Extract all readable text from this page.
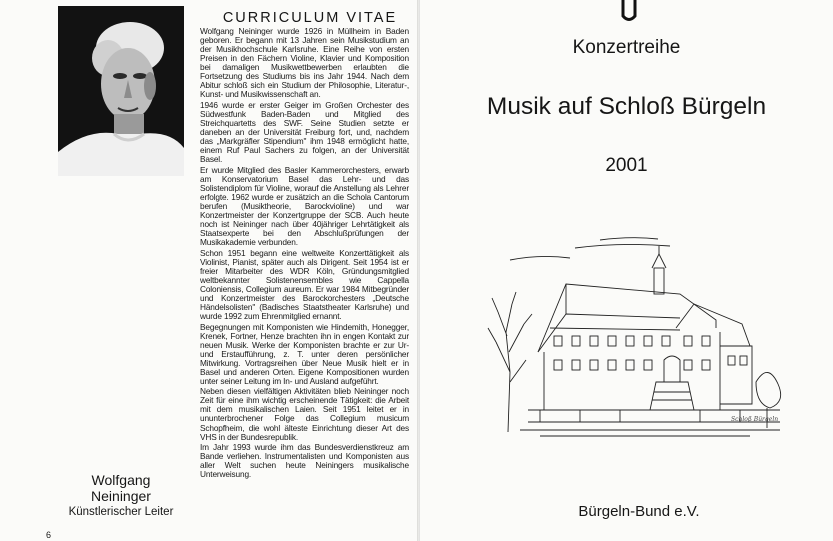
Wolfgang
Neininger
Künstlerischer Leiter
6
CURRICULUM VITAE

Wolfgang Neininger wurde 1926 in Müllheim in Baden geboren. Er begann mit 13 Jahren sein Musikstudium an der Musikhochschule Karlsruhe. Eine Reihe von ersten Preisen in den Fächern Violine, Klavier und Komposition bei damaligen Musikwettbewerben erlaubten die Fortsetzung des Studiums bis ins Jahr 1944. Nach dem Abitur schloß sich ein Studium der Philosophie, Literatur-, Kunst- und Musikwissenschaft an.

1946 wurde er erster Geiger im Großen Orchester des Südwestfunk Baden-Baden und Mitglied des Streichquartetts des SWF. Seine Studien setzte er daneben an der Universität Freiburg fort, und, nachdem das „Markgräfler Stipendium" ihm 1948 ermöglicht hatte, einem Ruf Paul Sachers zu folgen, an der Universität Basel.

Er wurde Mitglied des Basler Kammerorchesters, erwarb am Konservatorium Basel das Lehr- und das Solistendiplom für Violine, worauf die Anstellung als Lehrer erfolgte. 1962 wurde er zusätzich an die Schola Cantorum berufen (Musiktheorie, Barockvioline) und war Konzertmeister der Konzertgruppe der SCB. Auch heute noch ist Neininger nach über 40jähriger Lehrtätigkeit als Staatsexperte bei den Abschlußprüfungen der Musikakademie verbunden.

Schon 1951 begann eine weltweite Konzerttätigkeit als Violinist, Pianist, später auch als Dirigent. Seit 1954 ist er freier Mitarbeiter des WDR Köln, Gründungsmitglied weltbekannter Solistenensembles wie Cappella Coloniensis, Collegium aureum. Er war 1984 Mitbegründer und Konzertmeister des Barockorchesters „Deutsche Händelsolisten" (Badisches Staatstheater Karlsruhe) und wurde 1992 zum Ehrenmitglied ernannt.

Begegnungen mit Komponisten wie Hindemith, Honegger, Krenek, Fortner, Henze brachten ihn in engen Kontakt zur neuen Musik. Werke der Komponisten brachte er zur Ur- und Erstaufführung, z. T. unter deren persönlicher Mitwirkung. Vortragsreihen über Neue Musik hielt er in Basel und anderen Orten. Eigene Kompositionen wurden unter seiner Leitung im In- und Ausland aufgeführt.

Neben diesen vielfältigen Aktivitäten blieb Neininger noch Zeit für eine ihm wichtig erscheinende Tätigkeit: die Arbeit mit dem musikalischen Laien. Seit 1951 leitet er in ununterbrochener Folge das Collegium musicum Schopfheim, die wohl älteste Einrichtung dieser Art des VHS in der Bundesrepublik.

Im Jahr 1993 wurde ihm das Bundesverdienstkreuz am Bande verliehen. Instrumentalisten und Komponisten aus aller Welt suchen heute Neiningers musikalische Unterweisung.

Konzertreihe
Musik auf Schloß Bürgeln
2001
Schloß Bürgeln
Bürgeln-Bund e.V.
